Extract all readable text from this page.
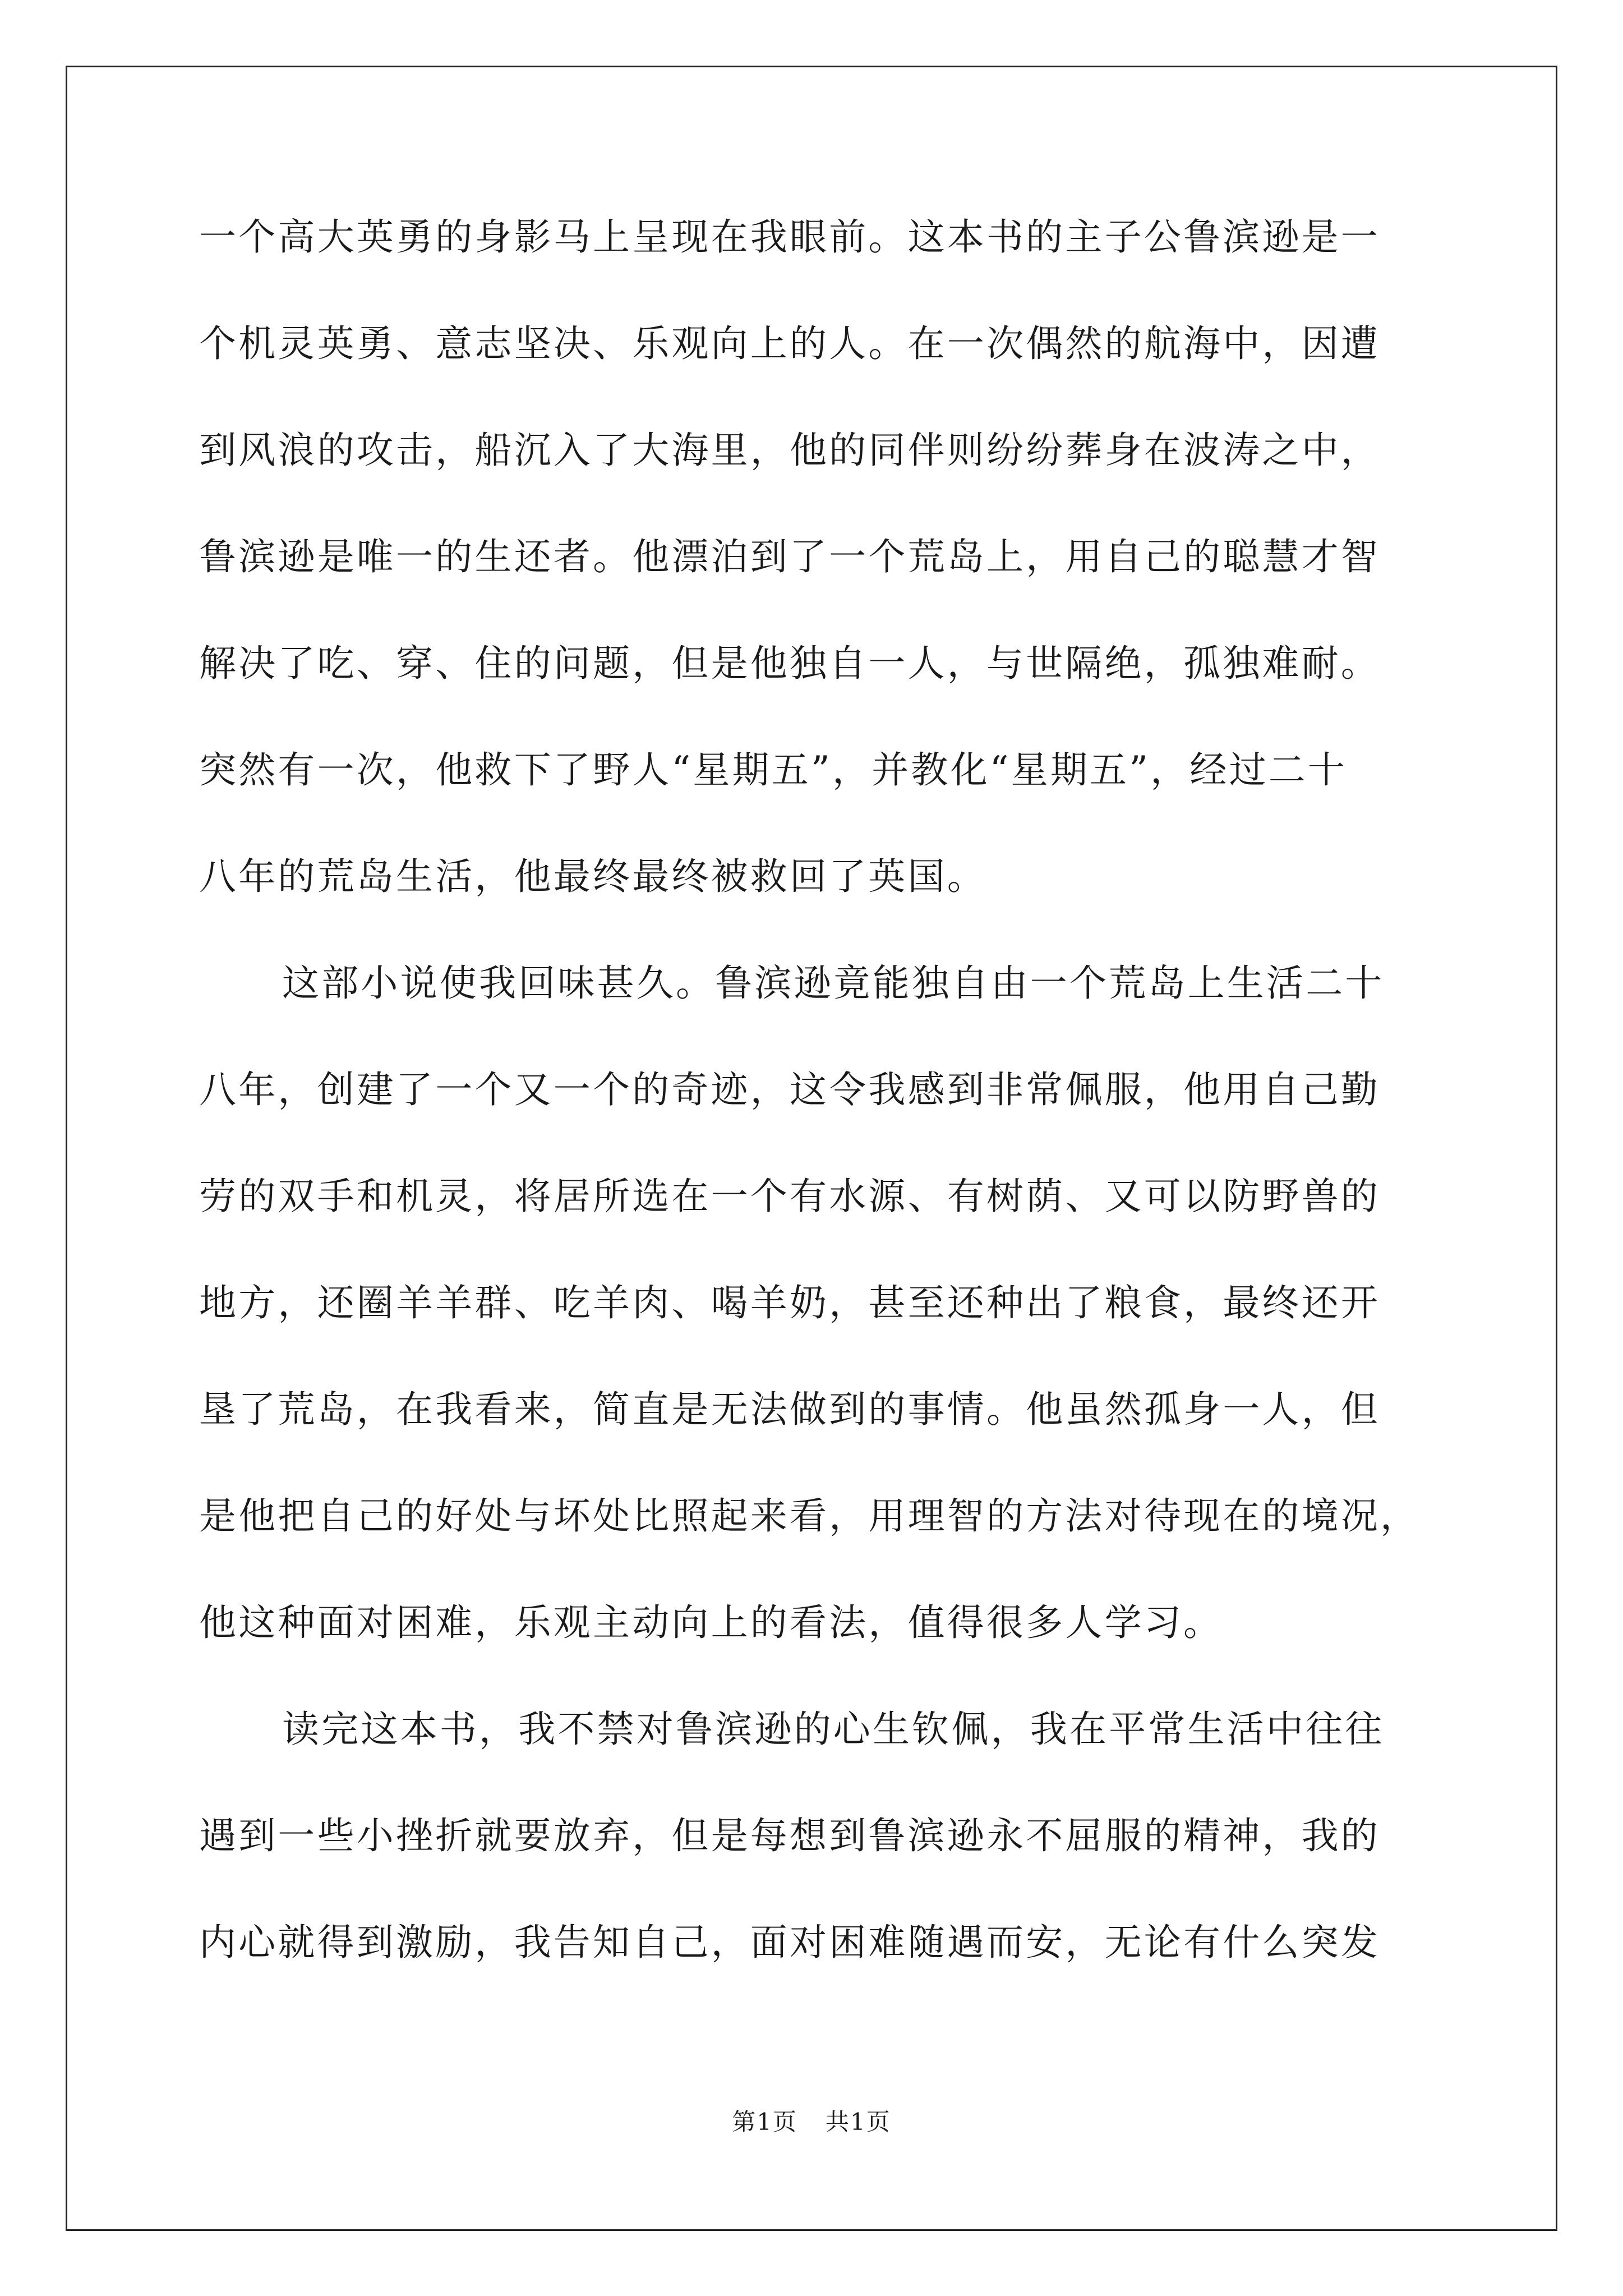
一个高大英勇的身影马上呈现在我眼前。这本书的主子公鲁滨逊是一
个机灵英勇、意志坚决、乐观向上的人。在一次偶然的航海中，因遭
到风浪的攻击，船沉入了大海里，他的同伴则纷纷葬身在波涛之中，
鲁滨逊是唯一的生还者。他漂泊到了一个荒岛上，用自己的聪慧才智
解决了吃、穿、住的问题，但是他独自一人，与世隔绝，孤独难耐。
突然有一次，他救下了野人“星期五”，并教化“星期五”，经过二十
八年的荒岛生活，他最终最终被救回了英国。
这部小说使我回味甚久。鲁滨逊竟能独自由一个荒岛上生活二十
八年，创建了一个又一个的奇迹，这令我感到非常佩服，他用自己勤
劳的双手和机灵，将居所选在一个有水源、有树荫、又可以防野兽的
地方，还圈羊羊群、吃羊肉、喝羊奶，甚至还种出了粮食，最终还开
垦了荒岛，在我看来，简直是无法做到的事情。他虽然孤身一人，但
是他把自己的好处与坏处比照起来看，用理智的方法对待现在的境况，
他这种面对困难，乐观主动向上的看法，值得很多人学习。
读完这本书，我不禁对鲁滨逊的心生钦佩，我在平常生活中往往
遇到一些小挫折就要放弃，但是每想到鲁滨逊永不屈服的精神，我的
内心就得到激励，我告知自己，面对困难随遇而安，无论有什么突发
第1页 共1页
